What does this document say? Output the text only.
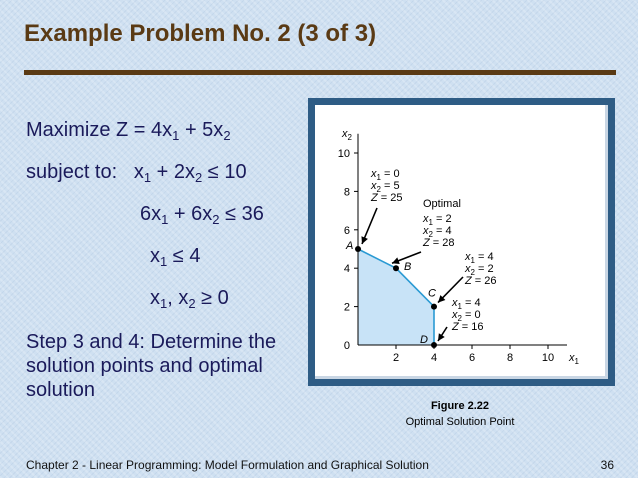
Example Problem No. 2 (3 of 3)
Maximize $Z = 4x_1 + 5x_2$
subject to:   $x_1 + 2x_2 \le 10$
$6x_1 + 6x_2 \le 36$
$x_1 \le 4$
$x_1$, $x_2 \ge 0$
Step 3 and 4: Determine the
solution points and optimal
solution
2	4	6	8	10
0
2
4
6
8
10
$x_1$
$x_2$
A
B
C
D
$x_1 = 0$
$x_2 = 5$
Z = 25 Optimal
$x_1 = 2$
$x_2 = 4$
Z = 28
$x_1 = 4$
$x_2 = 2$
Z = 26
$x_1 = 4$
$x_2 = 0$
Z = 16
Figure 2.22
Optimal Solution Point
Chapter 2 - Linear Programming: Model Formulation and Graphical Solution	36
